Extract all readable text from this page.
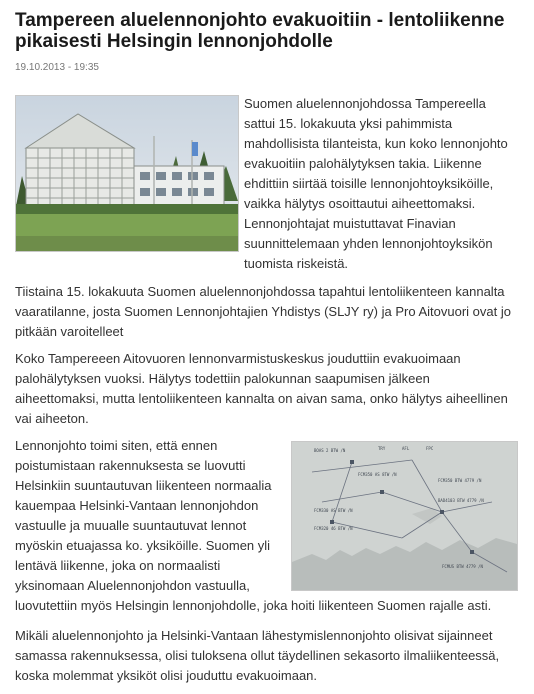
Tampereen aluelennonjohto evakuoitiin - lentoliikenne pikaisesti Helsingin lennonjohdolle
19.10.2013 - 19:35

Suomen aluelennonjohdossa Tampereella
sattui 15. lokakuuta yksi pahimmista
mahdollisista tilanteista, kun koko lennonjohto
evakuoitiin palohälytyksen takia. Liikenne
ehdittiin siirtää toisille lennonjohtoyksiköille,
vaikka hälytys osoittautui aiheettomaksi.
Lennonjohtajat muistuttavat Finavian
suunnittelemaan yhden lennonjohtoyksikön
tuomista riskeistä.

Tiistaina 15. lokakuuta Suomen aluelennonjohdossa tapahtui lentoliikenteen kannalta
vaaratilanne, josta Suomen Lennonjohtajien Yhdistys (SLJY ry) ja Pro Aitovuori ovat jo
pitkään varoitelleet

Koko Tampereeen Aitovuoren lennonvarmistuskeskus jouduttiin evakuoimaan
palohälytyksen vuoksi. Hälytys todettiin palokunnan saapumisen jälkeen
aiheettomaksi, mutta lentoliikenteen kannalta on aivan sama, onko hälytys aiheellinen
vai aiheeton.

BOAS 2 BTW /N	TRY	AFL	FPC
FCM350 AS 8TW /N
FCM330 AS BTW /N
FCM320 46 BTW /N
BAD4103 BTW 4779 /N
FCM350 BTW 4779 /N
FCMUS BTW 4779 /N

Lennonjohto toimi siten, että ennen
poistumistaan rakennuksesta se luovutti
Helsinkiin suuntautuvan liikenteen normaalia
kauempaa Helsinki-Vantaan lennonjohdon
vastuulle ja muualle suuntautuvat lennot
myöskin etuajassa ko. yksiköille. Suomen yli
lentävä liikenne, joka on normaalisti
yksinomaan Aluelennonjohdon vastuulla,
luovutettiin myös Helsingin lennonjohdolle, joka hoiti liikenteen Suomen rajalle asti.

Mikäli aluelennonjohto ja Helsinki-Vantaan lähestymislennonjohto olisivat sijainneet
samassa rakennuksessa, olisi tuloksena ollut täydellinen sekasorto ilmaliikenteessä,
koska molemmat yksiköt olisi jouduttu evakuoimaan.
